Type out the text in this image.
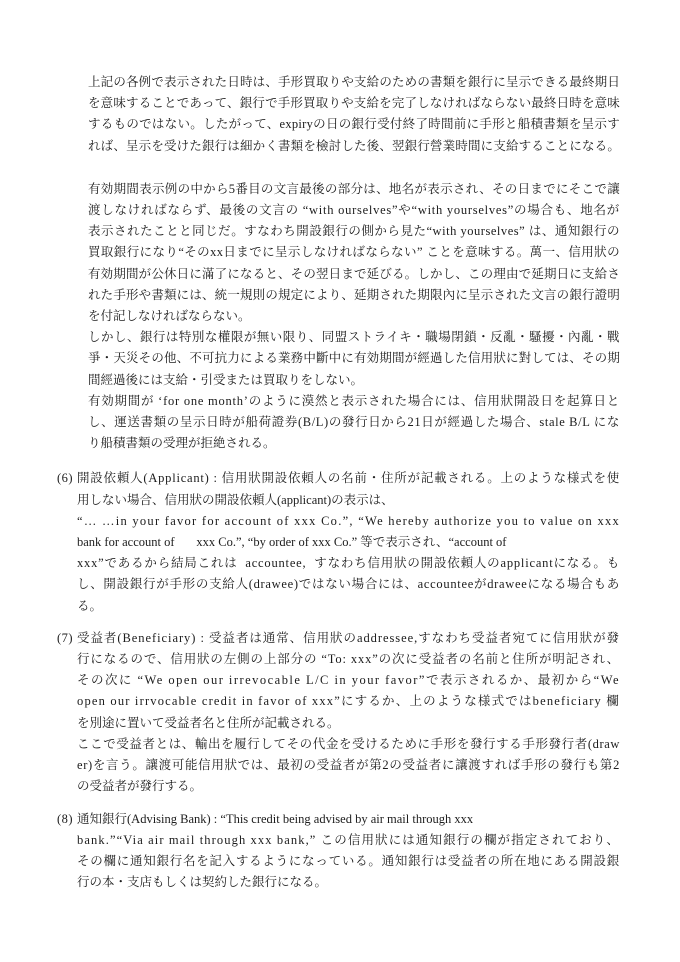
上記の各例で表示された日時は、手形買取りや支給のための書類を銀行に呈示できる最終期日
を意味することであって、銀行で手形買取りや支給を完了しなければならない最終日時を意味
するものではない。したがって、expiryの日の銀行受付終了時間前に手形と船積書類を呈示す
れば、呈示を受けた銀行は細かく書類を檢討した後、翌銀行營業時間に支給することになる。
有効期間表示例の中から5番目の文言最後の部分は、地名が表示され、その日までにそこで讓
渡しなければならず、最後の文言の “with ourselves”や“with yourselves”の場合も、地名が
表示されたことと同じだ。すなわち開設銀行の側から見た“with yourselves” は、通知銀行の
買取銀行になり“そのxx日までに呈示しなければならない” ことを意味する。萬一、信用狀の
有効期間が公休日に滿了になると、その翌日まで延びる。しかし、この理由で延期日に支給さ
れた手形や書類には、統一規則の規定により、延期された期限內に呈示された文言の銀行證明
を付記しなければならない。
しかし、銀行は特別な權限が無い限り、同盟ストライキ・職場閉鎖・反亂・騷擾・內亂・戰
爭・天災その他、不可抗力による業務中斷中に有効期間が經過した信用狀に對しては、その期
間經過後には支給・引受または買取りをしない。
有効期間が ‘for one month’のように漠然と表示された場合には、信用狀開設日を起算日と
し、運送書類の呈示日時が船荷證券(B/L)の發行日から21日が經過した場合、stale B/L にな
り船積書類の受理が拒絶される。
(6) 開設依頼人(Applicant) : 信用狀開設依頼人の名前・住所が記載される。上のような様式を使
用しない場合、信用狀の開設依頼人(applicant)の表示は、
“… …in your favor for account of xxx Co.”, “We hereby authorize you to value on xxx
bank for account of       xxx Co.”, “by order of xxx Co.” 等で表示され、“account of
xxx”であるから結局これは  accountee,  すなわち信用狀の開設依頼人のapplicantになる。も
し、開設銀行が手形の支給人(drawee)ではない場合には、accounteeがdraweeになる場合もあ
る。
(7) 受益者(Beneficiary) : 受益者は通常、信用狀のaddressee,すなわち受益者宛てに信用狀が發
行になるので、信用狀の左側の上部分の “To: xxx”の次に受益者の名前と住所が明記され、
その次に “We open our irrevocable L/C in your favor”で表示されるか、最初から“We
open our irrvocable credit in favor of xxx”にするか、上のような様式ではbeneficiary 欄
を別途に置いて受益者名と住所が記載される。
ここで受益者とは、輸出を履行してその代金を受けるために手形を發行する手形發行者(draw
er)を言う。讓渡可能信用狀では、最初の受益者が第2の受益者に讓渡すれば手形の發行も第2
の受益者が發行する。
(8) 通知銀行(Advising Bank) : “This credit being advised by air mail through xxx
bank.”“Via air mail through xxx bank,” この信用狀には通知銀行の欄が指定されており、
その欄に通知銀行名を記入するようになっている。通知銀行は受益者の所在地にある開設銀
行の本・支店もしくは契約した銀行になる。
